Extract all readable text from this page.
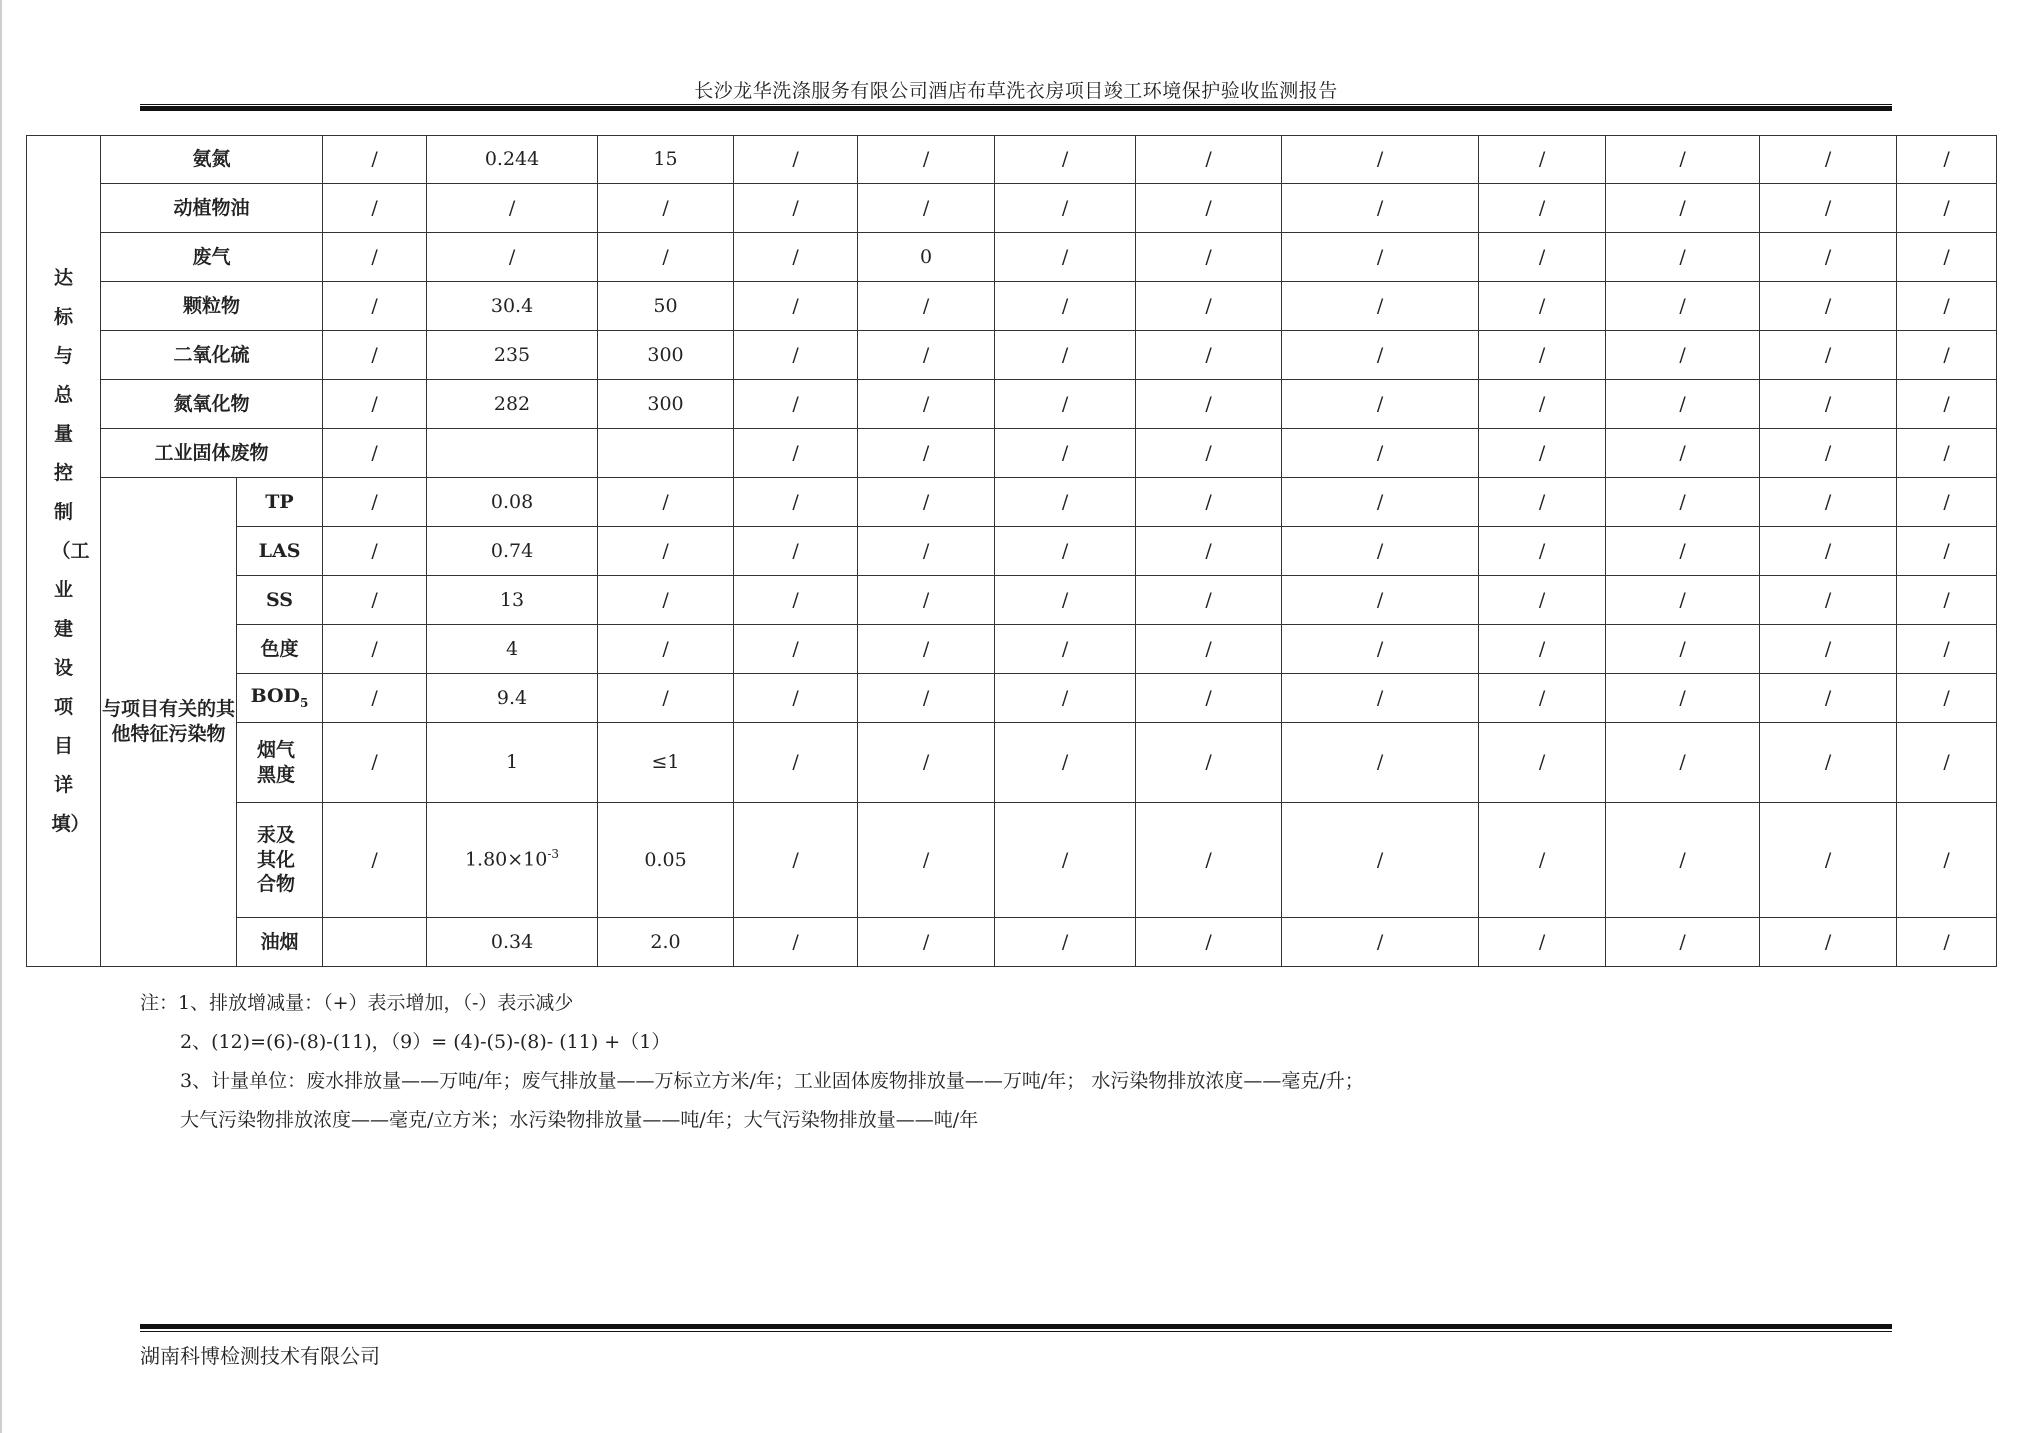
长沙龙华洗涤服务有限公司酒店布草洗衣房项目竣工环境保护验收监测报告
达标与总量控制（工业建设项目详填）	氨氮		/	0.244	15	/	/	/	/	/	/	/	/	/
	动植物油		/	/	/	/	/	/	/	/	/	/	/	/
	废气		/	/	/	/	0	/	/	/	/	/	/	/
	颗粒物		/	30.4	50	/	/	/	/	/	/	/	/	/
	二氧化硫		/	235	300	/	/	/	/	/	/	/	/	/
	氮氧化物		/	282	300	/	/	/	/	/	/	/	/	/
	工业固体废物		/			/	/	/	/	/	/	/	/	/
	与项目有关的其他特征污染物	TP	/	0.08	/	/	/	/	/	/	/	/	/	/
		LAS	/	0.74	/	/	/	/	/	/	/	/	/	/
		SS	/	13	/	/	/	/	/	/	/	/	/	/
		色度	/	4	/	/	/	/	/	/	/	/	/	/
		$BOD_5$	/	9.4	/	/	/	/	/	/	/	/	/	/
		烟气黑度	/	1	≤1	/	/	/	/	/	/	/	/	/
		汞及其化合物	/	$1.80\times 10^{-3}$	0.05	/	/	/	/	/	/	/	/	/
		油烟		0.34	2.0	/	/	/	/	/	/	/	/	/
注：1、排放增减量：（+）表示增加，（-）表示减少
2、(12)=(6)-(8)-(11)，（9）= (4)-(5)-(8)- (11) +（1）
3、计量单位：废水排放量——万吨/年；废气排放量——万标立方米/年；工业固体废物排放量——万吨/年； 水污染物排放浓度——毫克/升；
大气污染物排放浓度——毫克/立方米；水污染物排放量——吨/年；大气污染物排放量——吨/年
湖南科博检测技术有限公司
